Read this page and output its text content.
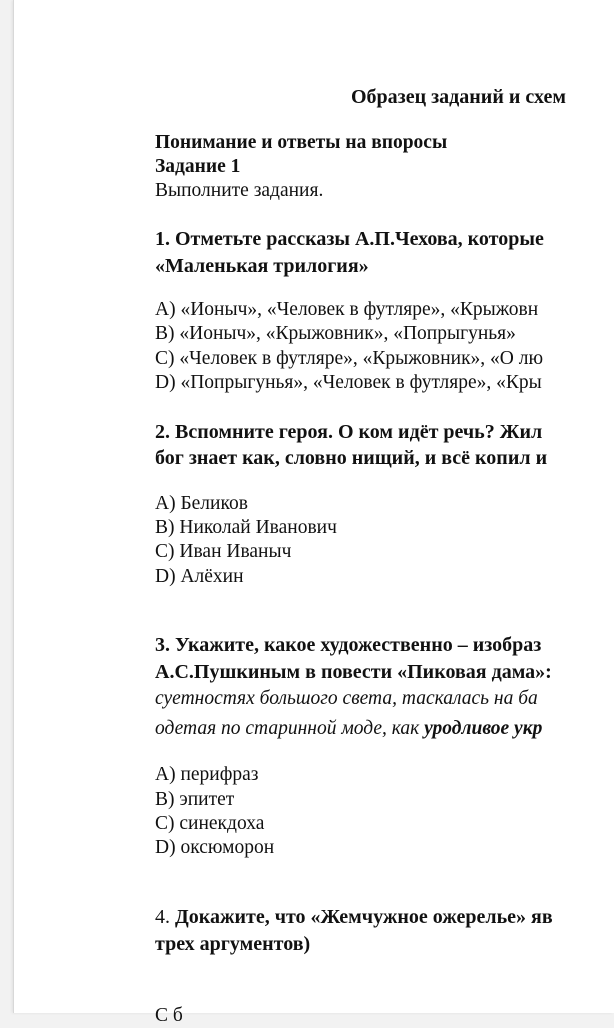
Образец заданий и схем
Понимание и ответы на впоросы
Задание 1
Выполните задания.
1. Отметьте рассказы А.П.Чехова, которые
«Маленькая трилогия»
A) «Ионыч», «Человек в футляре», «Крыжовн
B) «Ионыч», «Крыжовник», «Попрыгунья»
C) «Человек в футляре», «Крыжовник», «О лю
D) «Попрыгунья», «Человек в футляре», «Кры
2. Вспомните героя. О ком идёт речь? Жил
бог знает как, словно нищий, и всё копил и
A) Беликов
B) Николай Иванович
C) Иван Иваныч
D) Алёхин
3. Укажите, какое художественно – изобраз
А.С.Пушкиным в повести «Пиковая дама»:
суетностях большого света, таскалась на ба
одетая по старинной моде, как уродливое укр
A) перифраз
B) эпитет
C) синекдоха
D) оксюморон
4. Докажите, что «Жемчужное ожерелье» яв
трех аргументов)
С б
